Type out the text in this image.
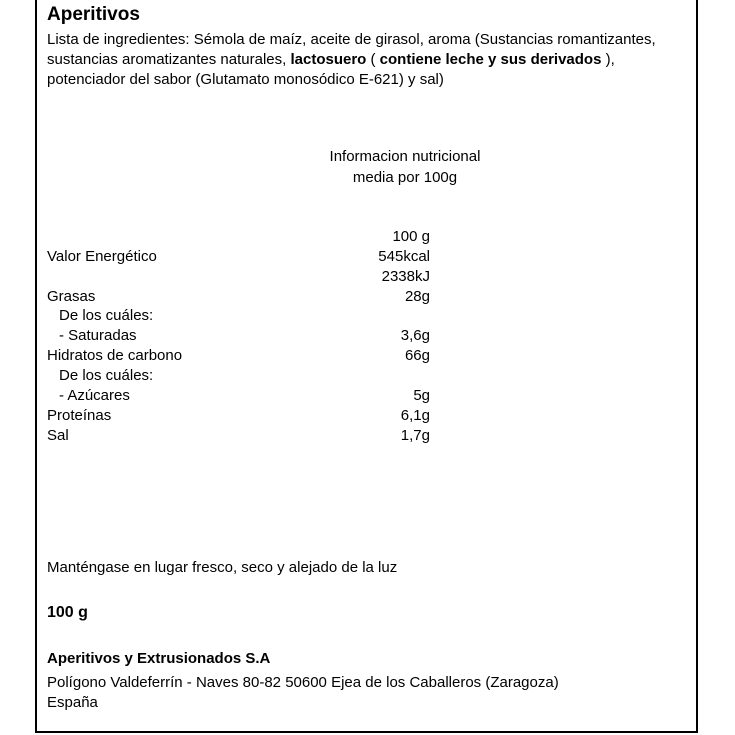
Aperitivos
Lista de ingredientes: Sémola de maíz, aceite de girasol, aroma (Sustancias romantizantes, sustancias aromatizantes naturales, lactosuero ( contiene leche y sus derivados ), potenciador del sabor (Glutamato monosódico E-621) y sal)
Informacion nutricional
media por 100g
100 g
Valor Energético	545kcal
2338kJ
Grasas	28g
De los cuáles:
- Saturadas	3,6g
Hidratos de carbono	66g
De los cuáles:
- Azúcares	5g
Proteínas	6,1g
Sal	1,7g
Manténgase en lugar fresco, seco y alejado de la luz
100 g
Aperitivos y Extrusionados S.A
Polígono Valdeferrín - Naves 80-82 50600 Ejea de los Caballeros (Zaragoza)
España
